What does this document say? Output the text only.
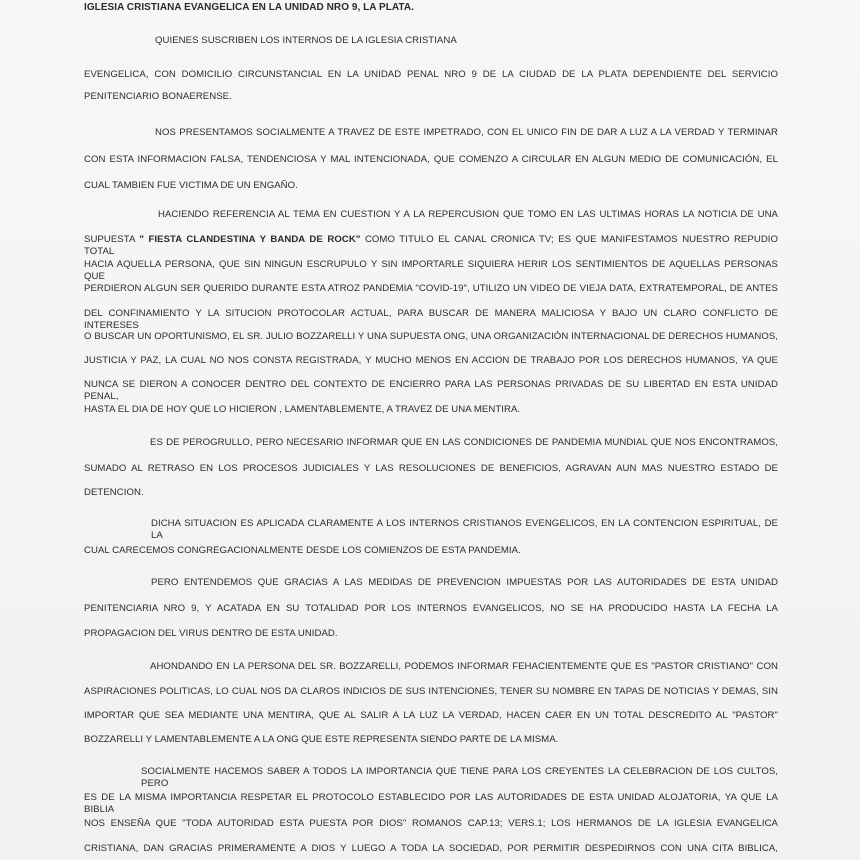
IGLESIA CRISTIANA EVANGELICA EN LA UNIDAD NRO 9, LA PLATA.
QUIENES SUSCRIBEN LOS INTERNOS DE LA IGLESIA CRISTIANA
EVENGELICA, CON DOMICILIO CIRCUNSTANCIAL EN LA UNIDAD PENAL NRO 9 DE LA CIUDAD DE LA PLATA DEPENDIENTE DEL SERVICIO
PENITENCIARIO BONAERENSE.
NOS PRESENTAMOS SOCIALMENTE A TRAVEZ DE ESTE IMPETRADO, CON EL UNICO FIN DE DAR A LUZ A LA VERDAD Y TERMINAR
CON ESTA INFORMACION FALSA, TENDENCIOSA Y MAL INTENCIONADA, QUE COMENZO A CIRCULAR EN ALGUN MEDIO DE COMUNICACIÓN, EL
CUAL TAMBIEN FUE VICTIMA DE UN ENGAÑO.
HACIENDO REFERENCIA AL TEMA EN CUESTION Y A LA REPERCUSION QUE TOMO EN LAS ULTIMAS HORAS LA NOTICIA DE UNA
SUPUESTA " FIESTA CLANDESTINA Y BANDA DE ROCK" COMO TITULO EL CANAL CRONICA TV; ES QUE MANIFESTAMOS NUESTRO REPUDIO TOTAL
HACIA AQUELLA PERSONA, QUE SIN NINGUN ESCRUPULO Y SIN IMPORTARLE SIQUIERA HERIR LOS SENTIMIENTOS DE AQUELLAS PERSONAS QUE
PERDIERON ALGUN SER QUERIDO DURANTE ESTA ATROZ PANDEMIA "COVID-19", UTILIZO UN VIDEO DE VIEJA DATA, EXTRATEMPORAL, DE ANTES
DEL CONFINAMIENTO Y LA SITUCION PROTOCOLAR ACTUAL, PARA BUSCAR DE MANERA MALICIOSA Y BAJO UN CLARO CONFLICTO DE INTERESES
O BUSCAR UN OPORTUNISMO, EL SR. JULIO BOZZARELLI Y UNA SUPUESTA ONG, UNA ORGANIZACIÓN INTERNACIONAL DE DERECHOS HUMANOS,
JUSTICIA Y PAZ, LA CUAL NO NOS CONSTA REGISTRADA, Y MUCHO MENOS EN ACCION DE TRABAJO POR LOS DERECHOS HUMANOS, YA QUE
NUNCA SE DIERON A CONOCER DENTRO DEL CONTEXTO DE ENCIERRO PARA LAS PERSONAS PRIVADAS DE SU LIBERTAD EN ESTA UNIDAD PENAL,
HASTA EL DIA DE HOY QUE LO HICIERON , LAMENTABLEMENTE, A TRAVEZ DE UNA MENTIRA.
ES DE PEROGRULLO, PERO NECESARIO INFORMAR QUE EN LAS CONDICIONES DE PANDEMIA MUNDIAL QUE NOS ENCONTRAMOS,
SUMADO AL RETRASO EN LOS PROCESOS JUDICIALES Y LAS RESOLUCIONES DE BENEFICIOS, AGRAVAN AUN MAS NUESTRO ESTADO DE
DETENCION.
DICHA SITUACION ES APLICADA CLARAMENTE A LOS INTERNOS CRISTIANOS EVENGELICOS, EN LA CONTENCION ESPIRITUAL, DE LA
CUAL CARECEMOS CONGREGACIONALMENTE DESDE LOS COMIENZOS DE ESTA PANDEMIA.
PERO ENTENDEMOS QUE GRACIAS A LAS MEDIDAS DE PREVENCION IMPUESTAS POR LAS AUTORIDADES DE ESTA UNIDAD
PENITENCIARIA NRO 9, Y ACATADA EN SU TOTALIDAD POR LOS INTERNOS EVANGELICOS, NO SE HA PRODUCIDO HASTA LA FECHA LA
PROPAGACION DEL VIRUS DENTRO DE ESTA UNIDAD.
AHONDANDO EN LA PERSONA DEL SR. BOZZARELLI, PODEMOS INFORMAR FEHACIENTEMENTE QUE ES "PASTOR CRISTIANO" CON
ASPIRACIONES POLITICAS, LO CUAL NOS DA CLAROS INDICIOS DE SUS INTENCIONES, TENER SU NOMBRE EN TAPAS DE NOTICIAS Y DEMAS, SIN
IMPORTAR QUE SEA MEDIANTE UNA MENTIRA, QUE AL SALIR A LA LUZ LA VERDAD, HACEN CAER EN UN TOTAL DESCREDITO AL "PASTOR"
BOZZARELLI Y LAMENTABLEMENTE A LA ONG QUE ESTE REPRESENTA SIENDO PARTE DE LA MISMA.
SOCIALMENTE HACEMOS SABER A TODOS LA IMPORTANCIA QUE TIENE PARA LOS CREYENTES LA CELEBRACION DE LOS CULTOS, PERO
ES DE LA MISMA IMPORTANCIA RESPETAR EL PROTOCOLO ESTABLECIDO POR LAS AUTORIDADES DE ESTA UNIDAD ALOJATORIA, YA QUE LA BIBLIA
NOS ENSEÑA QUE "TODA AUTORIDAD ESTA PUESTA POR DIOS" ROMANOS CAP.13; VERS.1; LOS HERMANOS DE LA IGLESIA EVANGELICA
CRISTIANA, DAN GRACIAS PRIMERAMENTE A DIOS Y LUEGO A TODA LA SOCIEDAD, POR PERMITIR DESPEDIRNOS CON UNA CITA BIBLICA,
